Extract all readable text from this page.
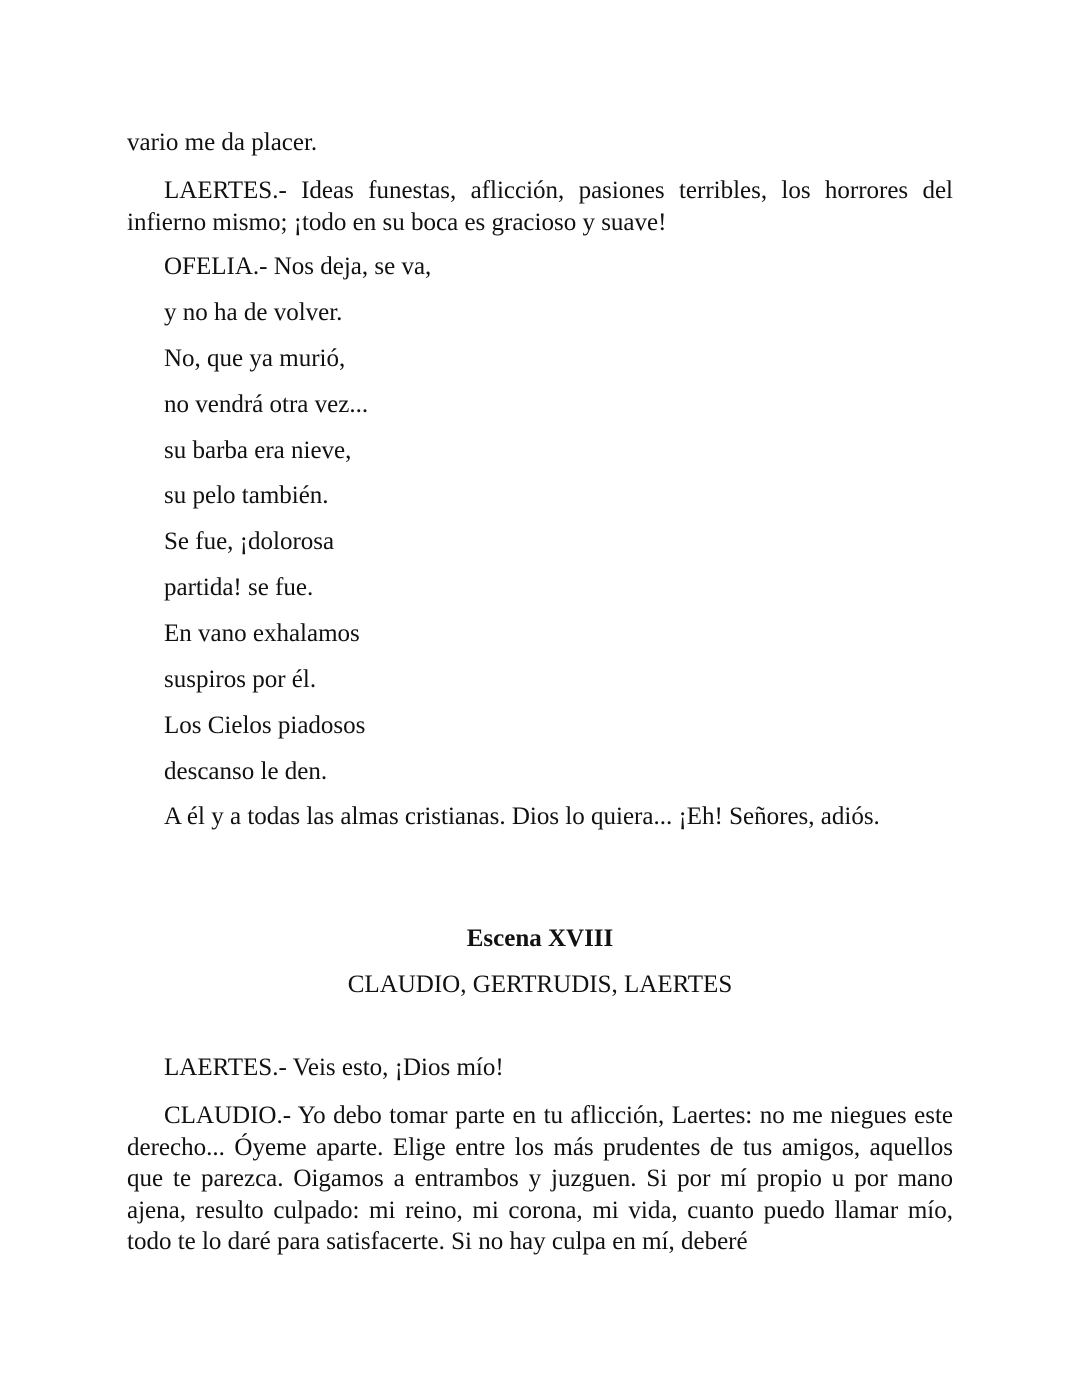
vario me da placer.
LAERTES.- Ideas funestas, aflicción, pasiones terribles, los horrores del infierno mismo; ¡todo en su boca es gracioso y suave!
OFELIA.- Nos deja, se va,
y no ha de volver.
No, que ya murió,
no vendrá otra vez...
su barba era nieve,
su pelo también.
Se fue, ¡dolorosa
partida! se fue.
En vano exhalamos
suspiros por él.
Los Cielos piadosos
descanso le den.
A él y a todas las almas cristianas. Dios lo quiera... ¡Eh! Señores, adiós.
Escena XVIII
CLAUDIO, GERTRUDIS, LAERTES
LAERTES.- Veis esto, ¡Dios mío!
CLAUDIO.- Yo debo tomar parte en tu aflicción, Laertes: no me niegues este derecho... Óyeme aparte. Elige entre los más prudentes de tus amigos, aquellos que te parezca. Oigamos a entrambos y juzguen. Si por mí propio u por mano ajena, resulto culpado: mi reino, mi corona, mi vida, cuanto puedo llamar mío, todo te lo daré para satisfacerte. Si no hay culpa en mí, deberé
